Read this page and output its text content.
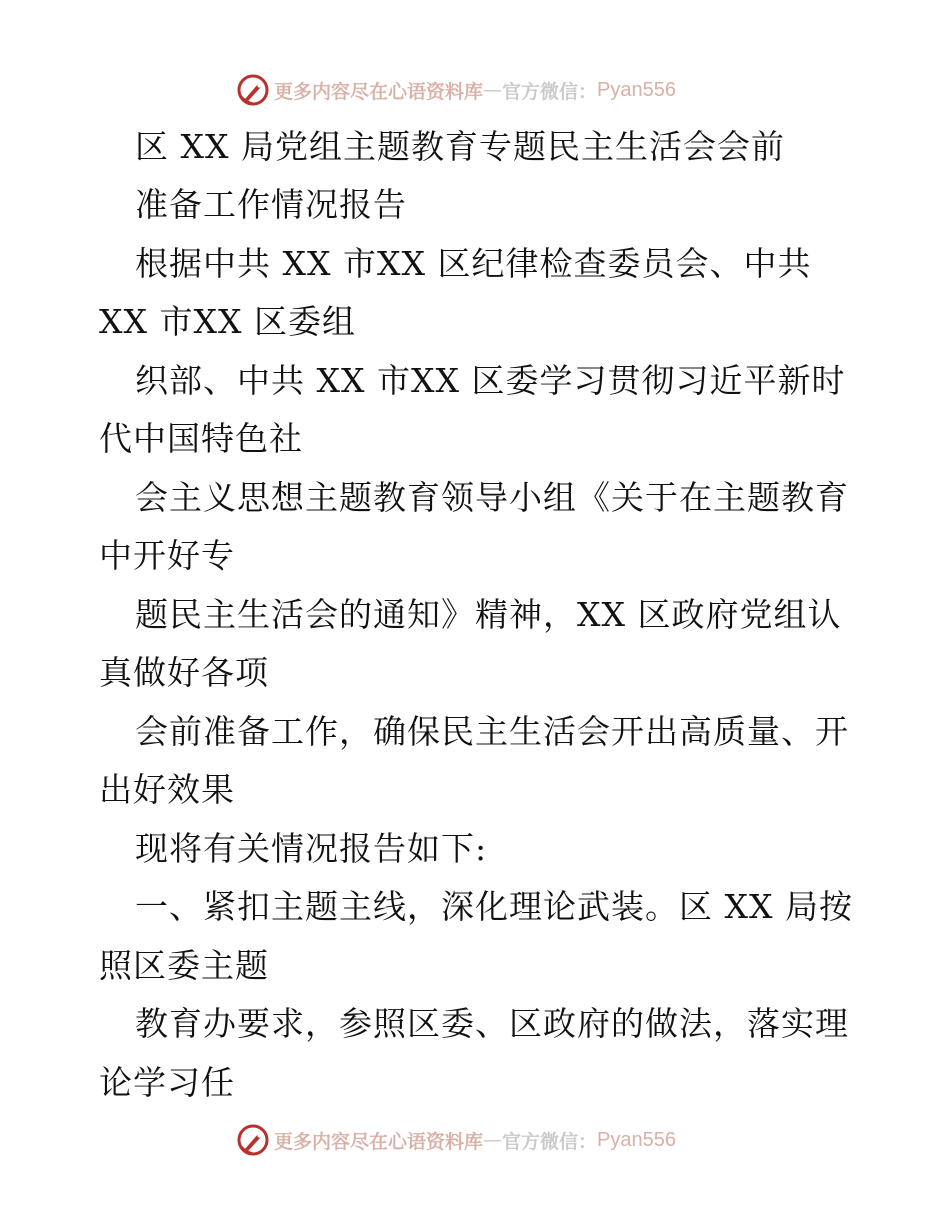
更多内容尽在心语资料库 — 官方微信： Pyan556
区 XX 局党组主题教育专题民主生活会会前
准备工作情况报告
根据中共 XX 市XX 区纪律检查委员会、中共
XX 市XX 区委组
织部、中共 XX 市XX 区委学习贯彻习近平新时
代中国特色社
会主义思想主题教育领导小组《关于在主题教育
中开好专
题民主生活会的通知》精神，XX 区政府党组认
真做好各项
会前准备工作，确保民主生活会开出高质量、开
出好效果
现将有关情况报告如下:
一、紧扣主题主线，深化理论武装。区 XX 局按
照区委主题
教育办要求，参照区委、区政府的做法，落实理
论学习任
更多内容尽在心语资料库 — 官方微信： Pyan556
